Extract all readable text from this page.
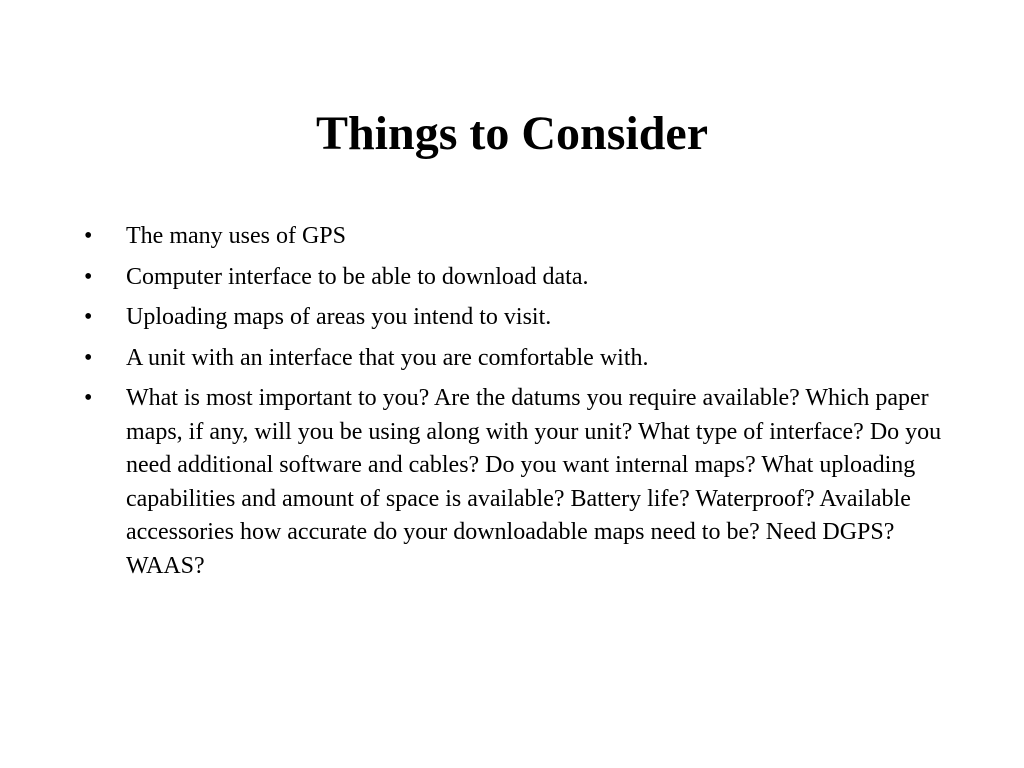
Things to Consider
•	The many uses of GPS
•	Computer interface to be able to download data.
•	Uploading maps of areas you intend to visit.
•	A unit with an interface that you are comfortable with.
•	What is most important to you? Are the datums you require available? Which paper maps, if any, will you be using along with your unit? What type of interface? Do you need additional software and cables? Do you want internal maps? What uploading capabilities and amount of space is available? Battery life? Waterproof? Available accessories how accurate do your downloadable maps need to be? Need DGPS? WAAS?
